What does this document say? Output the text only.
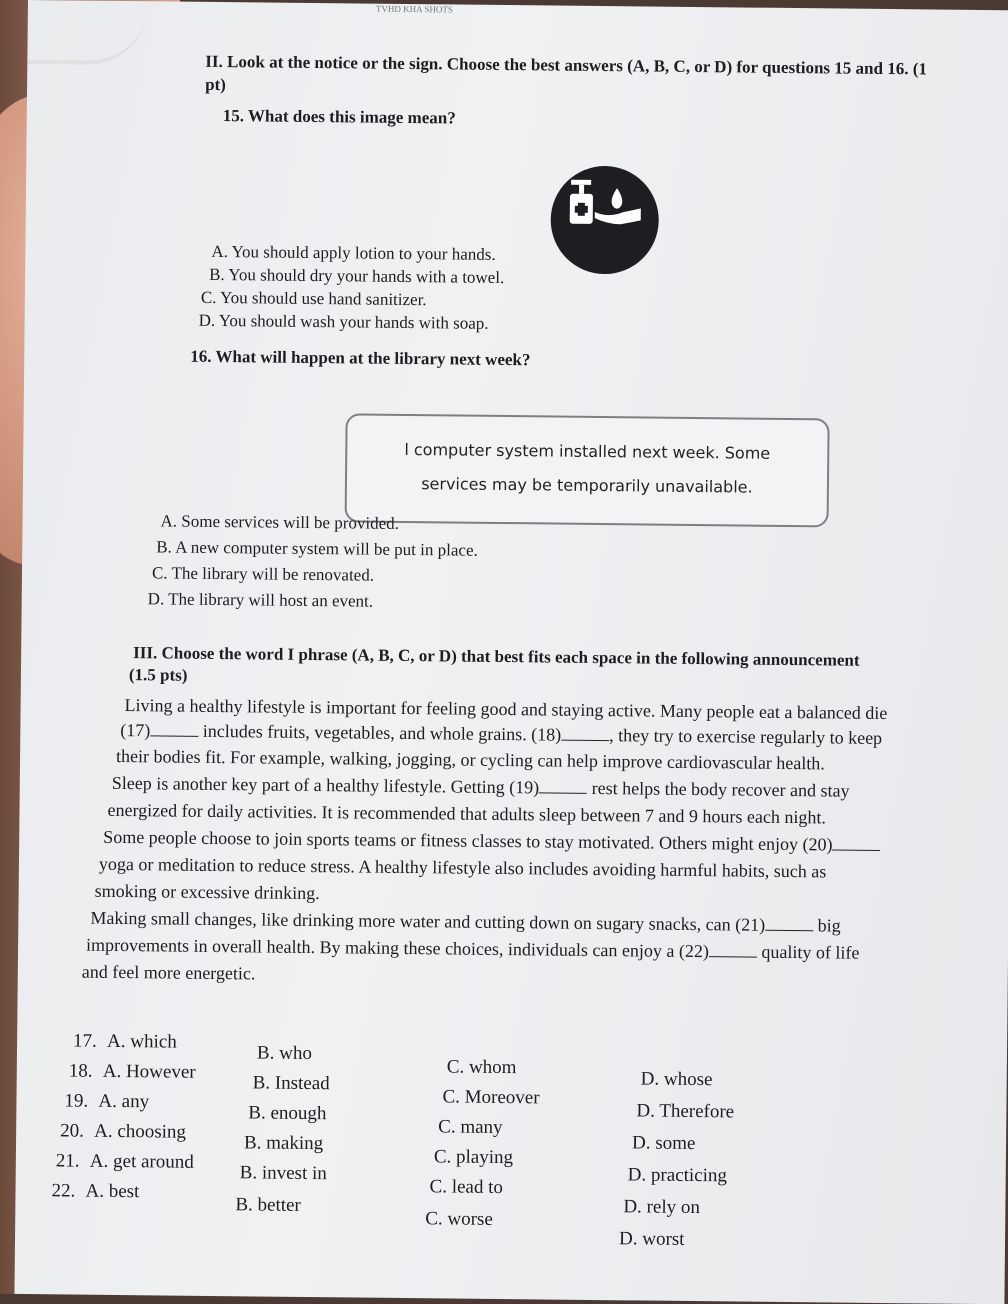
TVHD KHA SHOTS
II. Look at the notice or the sign. Choose the best answers (A, B, C, or D) for questions 15 and 16. (1
pt)
15. What does this image mean?
A. You should apply lotion to your hands.
B. You should dry your hands with a towel.
C. You should use hand sanitizer.
D. You should wash your hands with soap.
16. What will happen at the library next week?
l computer system installed next week. Some
services may be temporarily unavailable.
A. Some services will be provided.
B. A new computer system will be put in place.
C. The library will be renovated.
D. The library will host an event.
III. Choose the word I phrase (A, B, C, or D) that best fits each space in the following announcement
(1.5 pts)
Living a healthy lifestyle is important for feeling good and staying active. Many people eat a balanced die
(17)	includes fruits, vegetables, and whole grains. (18)	, they try to exercise regularly to keep
their bodies fit. For example, walking, jogging, or cycling can help improve cardiovascular health.
Sleep is another key part of a healthy lifestyle. Getting (19)	rest helps the body recover and stay
energized for daily activities. It is recommended that adults sleep between 7 and 9 hours each night.
Some people choose to join sports teams or fitness classes to stay motivated. Others might enjoy (20)
yoga or meditation to reduce stress. A healthy lifestyle also includes avoiding harmful habits, such as
smoking or excessive drinking.
Making small changes, like drinking more water and cutting down on sugary snacks, can (21)	big
improvements in overall health. By making these choices, individuals can enjoy a (22)	quality of life
and feel more energetic.
17. A. which
B. who
C. whom
D. whose
18. A. However
B. Instead
C. Moreover
D. Therefore
19. A. any
B. enough
C. many
D. some
20. A. choosing
B. making
C. playing
D. practicing
21. A. get around
B. invest in
C. lead to
D. rely on
22. A. best
B. better
C. worse
D. worst
